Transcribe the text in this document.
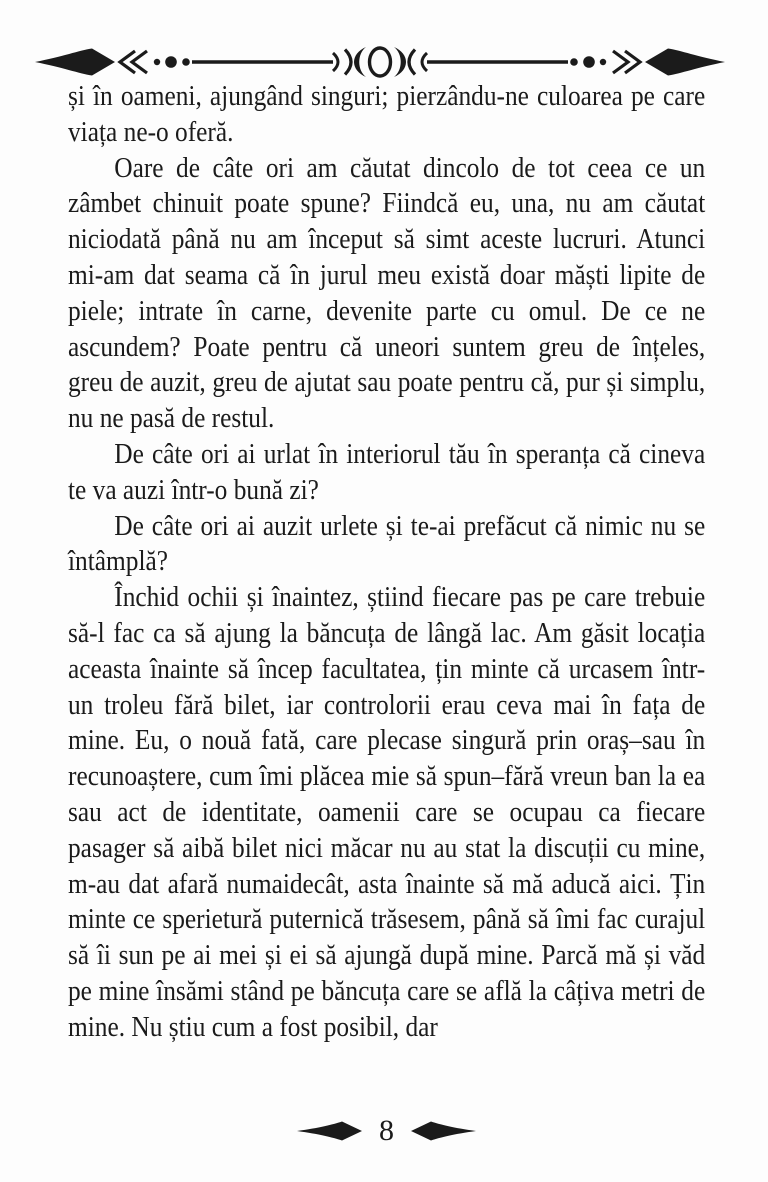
și în oameni, ajungând singuri; pierzându-ne culoarea pe care viața ne-o oferă.

Oare de câte ori am căutat dincolo de tot ceea ce un zâmbet chinuit poate spune? Fiindcă eu, una, nu am căutat niciodată până nu am început să simt aceste lucruri. Atunci mi-am dat seama că în jurul meu există doar măști lipite de piele; intrate în carne, devenite parte cu omul. De ce ne ascundem? Poate pentru că uneori suntem greu de înțeles, greu de auzit, greu de ajutat sau poate pentru că, pur și simplu, nu ne pasă de restul.

De câte ori ai urlat în interiorul tău în speranța că cineva te va auzi într-o bună zi?

De câte ori ai auzit urlete și te-ai prefăcut că nimic nu se întâmplă?

Închid ochii și înaintez, știind fiecare pas pe care trebuie să-l fac ca să ajung la băncuța de lângă lac. Am găsit locația aceasta înainte să încep facultatea, țin minte că urcasem într-un troleu fără bilet, iar controlorii erau ceva mai în fața de mine. Eu, o nouă fată, care plecase singură prin oraș–sau în recunoaștere, cum îmi plăcea mie să spun–fără vreun ban la ea sau act de identitate, oamenii care se ocupau ca fiecare pasager să aibă bilet nici măcar nu au stat la discuții cu mine, m-au dat afară numaidecât, asta înainte să mă aducă aici. Țin minte ce sperietură puternică trăsesem, până să îmi fac curajul să îi sun pe ai mei și ei să ajungă după mine. Parcă mă și văd pe mine însămi stând pe băncuța care se află la câțiva metri de mine. Nu știu cum a fost posibil, dar

8
